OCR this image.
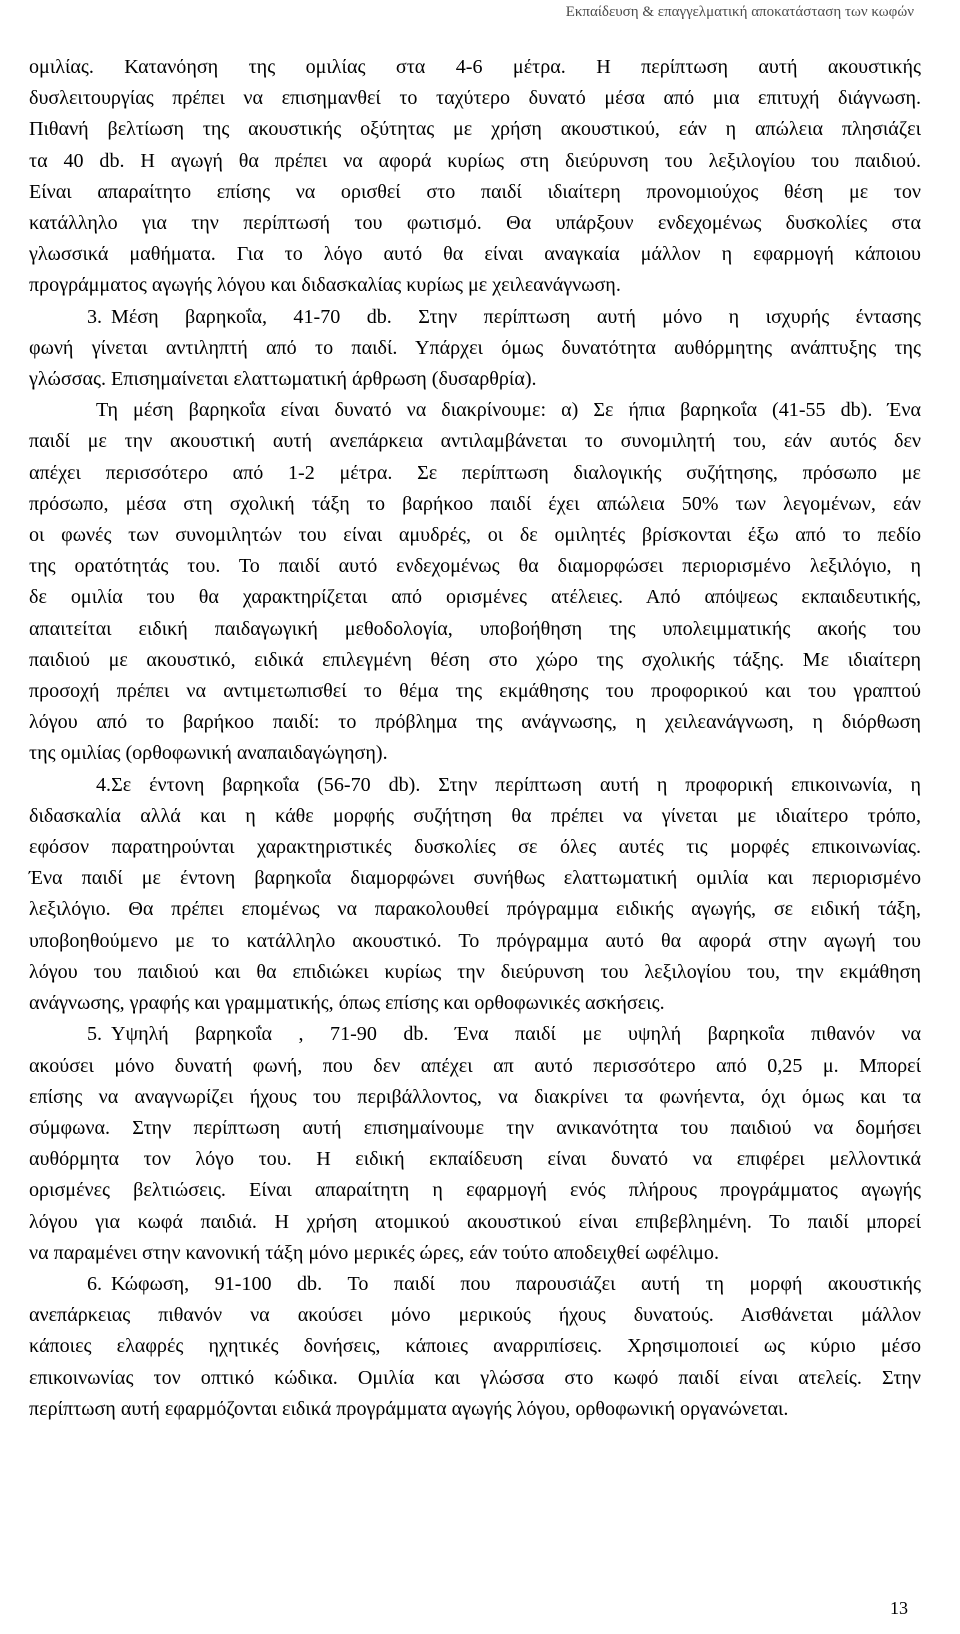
Εκπαίδευση & επαγγελματική αποκατάσταση των κωφών

ομιλίας. Κατανόηση της ομιλίας στα 4-6 μέτρα. Η περίπτωση αυτή ακουστικής

δυσλειτουργίας πρέπει να επισημανθεί το ταχύτερο δυνατό μέσα από μια επιτυχή διάγνωση.

Πιθανή βελτίωση της ακουστικής οξύτητας με χρήση ακουστικού, εάν η απώλεια πλησιάζει

τα 40 db. Η αγωγή θα πρέπει να αφορά κυρίως στη διεύρυνση του λεξιλογίου του παιδιού.

Είναι απαραίτητο επίσης να ορισθεί στο παιδί ιδιαίτερη προνομιούχος θέση με τον

κατάλληλο για την περίπτωσή του φωτισμό. Θα υπάρξουν ενδεχομένως δυσκολίες στα

γλωσσικά μαθήματα. Για το λόγο αυτό θα είναι αναγκαία μάλλον η εφαρμογή κάποιου

προγράμματος αγωγής λόγου και διδασκαλίας κυρίως με χειλεανάγνωση.

3. Μέση βαρηκοΐα, 41-70 db. Στην περίπτωση αυτή μόνο η ισχυρής έντασης

φωνή γίνεται αντιληπτή από το παιδί. Υπάρχει όμως δυνατότητα αυθόρμητης ανάπτυξης της

γλώσσας. Επισημαίνεται ελαττωματική άρθρωση (δυσαρθρία).

Τη μέση βαρηκοΐα είναι δυνατό να διακρίνουμε: α) Σε ήπια βαρηκοΐα (41-55 db). Ένα

παιδί με την ακουστική αυτή ανεπάρκεια αντιλαμβάνεται το συνομιλητή του, εάν αυτός δεν

απέχει περισσότερο από 1-2 μέτρα. Σε περίπτωση διαλογικής συζήτησης, πρόσωπο με

πρόσωπο, μέσα στη σχολική τάξη το βαρήκοο παιδί έχει απώλεια 50% των λεγομένων, εάν

οι φωνές των συνομιλητών του είναι αμυδρές, οι δε ομιλητές βρίσκονται έξω από το πεδίο

της ορατότητάς του. Το παιδί αυτό ενδεχομένως θα διαμορφώσει περιορισμένο λεξιλόγιο, η

δε ομιλία του θα χαρακτηρίζεται από ορισμένες ατέλειες. Από απόψεως εκπαιδευτικής,

απαιτείται ειδική παιδαγωγική μεθοδολογία, υποβοήθηση της υπολειμματικής ακοής του

παιδιού με ακουστικό, ειδικά επιλεγμένη θέση στο χώρο της σχολικής τάξης. Με ιδιαίτερη

προσοχή πρέπει να αντιμετωπισθεί το θέμα της εκμάθησης του προφορικού και του γραπτού

λόγου από το βαρήκοο παιδί: το πρόβλημα της ανάγνωσης, η χειλεανάγνωση, η διόρθωση

της ομιλίας (ορθοφωνική αναπαιδαγώγηση).

4.Σε έντονη βαρηκοΐα (56-70 db). Στην περίπτωση αυτή η προφορική επικοινωνία, η

διδασκαλία αλλά και η κάθε μορφής συζήτηση θα πρέπει να γίνεται με ιδιαίτερο τρόπο,

εφόσον παρατηρούνται χαρακτηριστικές δυσκολίες σε όλες αυτές τις μορφές επικοινωνίας.

Ένα παιδί με έντονη βαρηκοΐα διαμορφώνει συνήθως ελαττωματική ομιλία και περιορισμένο

λεξιλόγιο. Θα πρέπει επομένως να παρακολουθεί πρόγραμμα ειδικής αγωγής, σε ειδική τάξη,

υποβοηθούμενο με το κατάλληλο ακουστικό. Το πρόγραμμα αυτό θα αφορά στην αγωγή του

λόγου του παιδιού και θα επιδιώκει κυρίως την διεύρυνση του λεξιλογίου του, την εκμάθηση

ανάγνωσης, γραφής και γραμματικής, όπως επίσης και ορθοφωνικές ασκήσεις.

5. Υψηλή βαρηκοΐα , 71-90 db. Ένα παιδί με υψηλή βαρηκοΐα πιθανόν να

ακούσει μόνο δυνατή φωνή, που δεν απέχει απ αυτό περισσότερο από 0,25 μ. Μπορεί

επίσης να αναγνωρίζει ήχους του περιβάλλοντος, να διακρίνει τα φωνήεντα, όχι όμως και τα

σύμφωνα. Στην περίπτωση αυτή επισημαίνουμε την ανικανότητα του παιδιού να δομήσει

αυθόρμητα τον λόγο του. Η ειδική εκπαίδευση είναι δυνατό να επιφέρει μελλοντικά

ορισμένες βελτιώσεις. Είναι απαραίτητη η εφαρμογή ενός πλήρους προγράμματος αγωγής

λόγου για κωφά παιδιά. Η χρήση ατομικού ακουστικού είναι επιβεβλημένη. Το παιδί μπορεί

να παραμένει στην κανονική τάξη μόνο μερικές ώρες, εάν τούτο αποδειχθεί ωφέλιμο.

6. Κώφωση, 91-100 db. Το παιδί που παρουσιάζει αυτή τη μορφή ακουστικής

ανεπάρκειας πιθανόν να ακούσει μόνο μερικούς ήχους δυνατούς. Αισθάνεται μάλλον

κάποιες ελαφρές ηχητικές δονήσεις, κάποιες αναρριπίσεις. Χρησιμοποιεί ως κύριο μέσο

επικοινωνίας τον οπτικό κώδικα. Ομιλία και γλώσσα στο κωφό παιδί είναι ατελείς. Στην

περίπτωση αυτή εφαρμόζονται ειδικά προγράμματα αγωγής λόγου, ορθοφωνική οργανώνεται.

13
